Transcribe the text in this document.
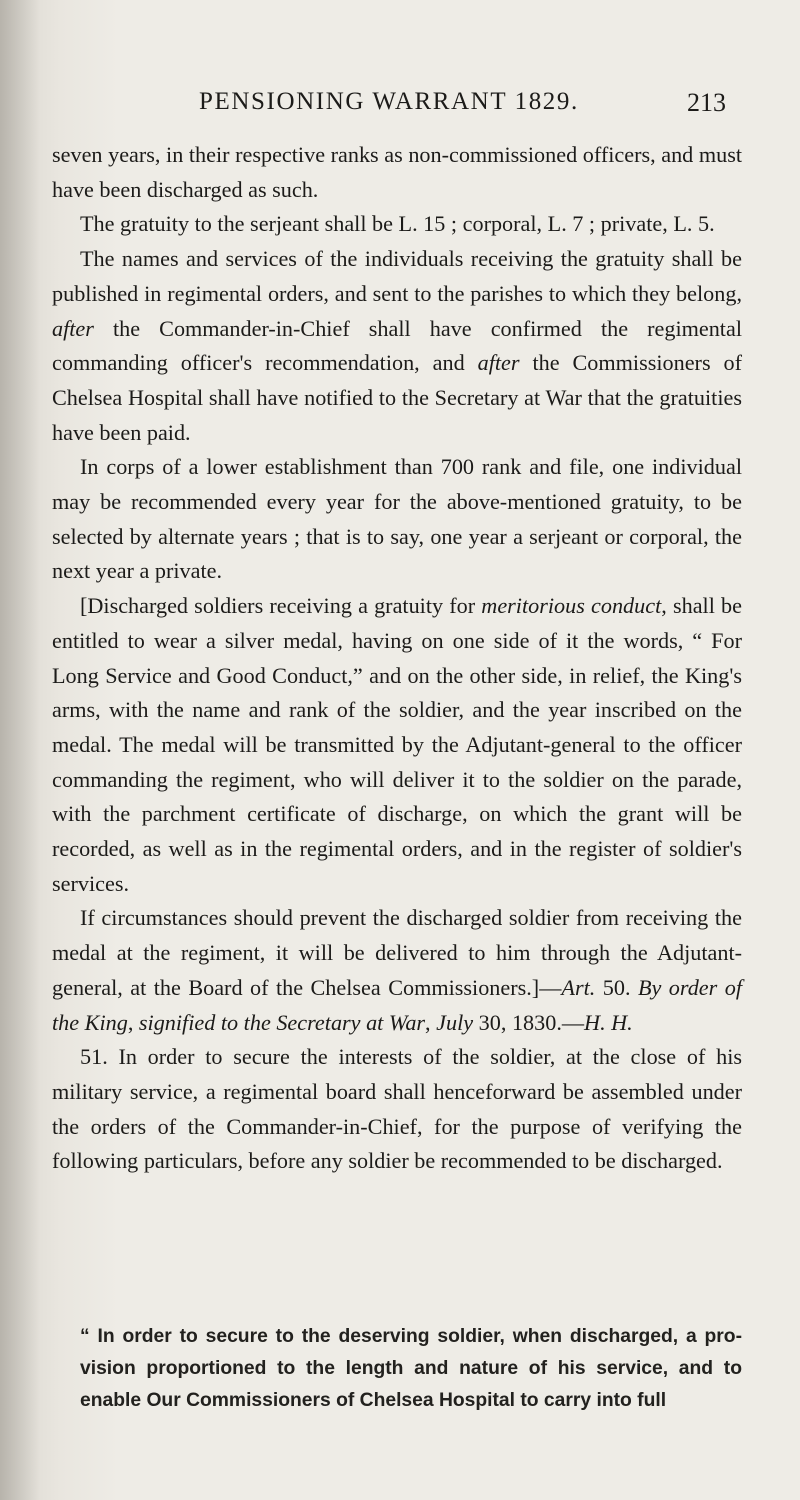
PENSIONING WARRANT 1829.	213

seven years, in their respective ranks as non-commissioned officers, and must have been discharged as such.

The gratuity to the serjeant shall be L. 15 ; corporal, L. 7 ; private, L. 5.

The names and services of the individuals receiving the gratuity shall be published in regimental orders, and sent to the parishes to which they belong, after the Commander-in-Chief shall have confirmed the regimental commanding officer's recommendation, and after the Commissioners of Chelsea Hospital shall have notified to the Secretary at War that the gratuities have been paid.

In corps of a lower establishment than 700 rank and file, one individual may be recommended every year for the above-mentioned gratuity, to be selected by alternate years ; that is to say, one year a serjeant or corporal, the next year a private.

[Discharged soldiers receiving a gratuity for meritorious conduct, shall be entitled to wear a silver medal, having on one side of it the words, “ For Long Service and Good Conduct,” and on the other side, in relief, the King's arms, with the name and rank of the soldier, and the year inscribed on the medal. The medal will be transmitted by the Adjutant-general to the officer commanding the regiment, who will deliver it to the soldier on the parade, with the parchment certificate of discharge, on which the grant will be recorded, as well as in the regimental orders, and in the register of soldier's services.

If circumstances should prevent the discharged soldier from receiving the medal at the regiment, it will be delivered to him through the Adjutant-general, at the Board of the Chelsea Commissioners.]—Art. 50. By order of the King, signified to the Secretary at War, July 30, 1830.—H. H.

51. In order to secure the interests of the soldier, at the close of his military service, a regimental board shall henceforward be assembled under the orders of the Commander-in-Chief, for the purpose of verifying the following particulars, before any soldier be recommended to be discharged.

“ In order to secure to the deserving soldier, when discharged, a provision proportioned to the length and nature of his service, and to enable Our Commissioners of Chelsea Hospital to carry into full
